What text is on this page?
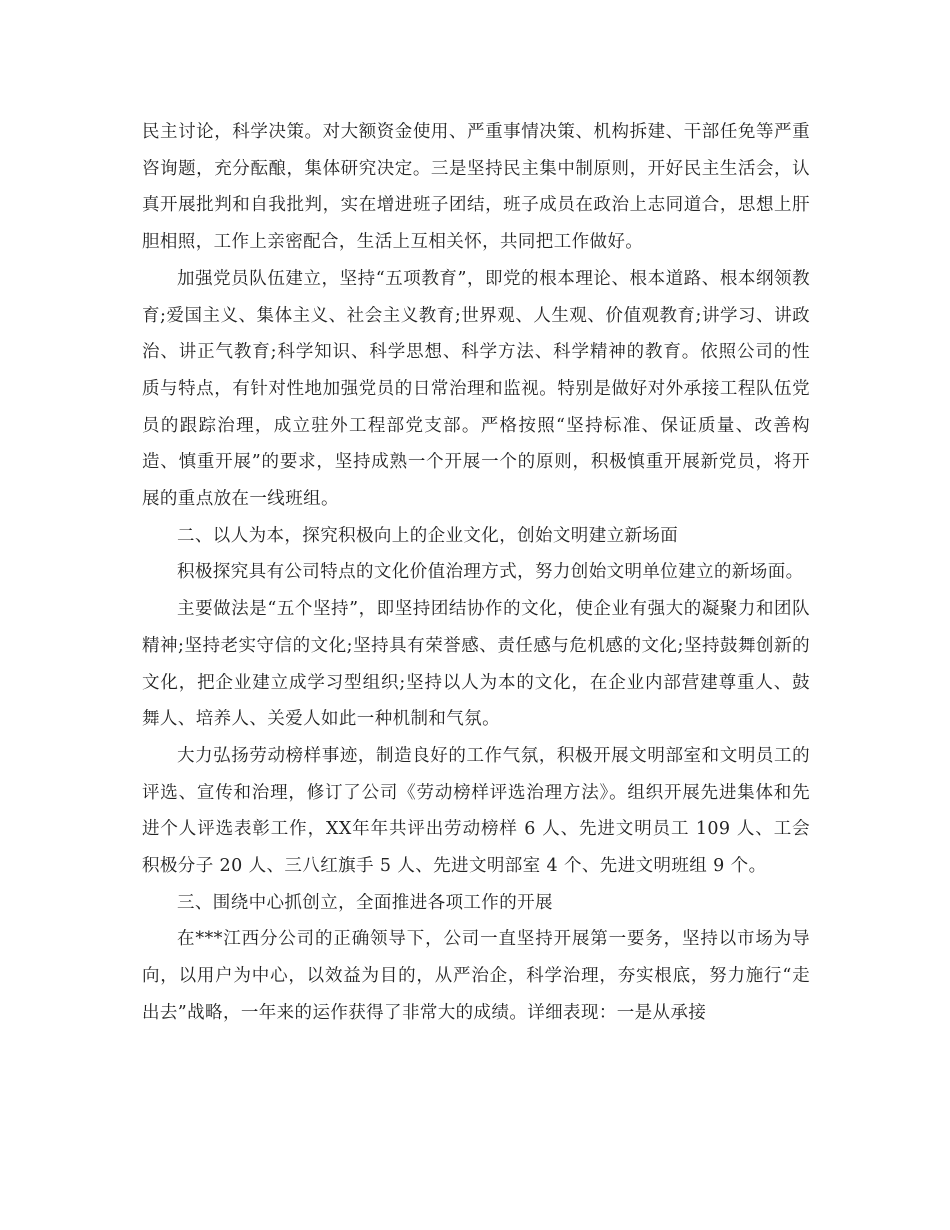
民主讨论，科学决策。对大额资金使用、严重事情决策、机构拆建、干部任免等严重咨询题，充分酝酿，集体研究决定。三是坚持民主集中制原则，开好民主生活会，认真开展批判和自我批判，实在增进班子团结，班子成员在政治上志同道合，思想上肝胆相照，工作上亲密配合，生活上互相关怀，共同把工作做好。

加强党员队伍建立，坚持“五项教育”，即党的根本理论、根本道路、根本纲领教育;爱国主义、集体主义、社会主义教育;世界观、人生观、价值观教育;讲学习、讲政治、讲正气教育;科学知识、科学思想、科学方法、科学精神的教育。依照公司的性质与特点，有针对性地加强党员的日常治理和监视。特别是做好对外承接工程队伍党员的跟踪治理，成立驻外工程部党支部。严格按照“坚持标准、保证质量、改善构造、慎重开展”的要求，坚持成熟一个开展一个的原则，积极慎重开展新党员，将开展的重点放在一线班组。

二、以人为本，探究积极向上的企业文化，创始文明建立新场面

积极探究具有公司特点的文化价值治理方式，努力创始文明单位建立的新场面。

主要做法是“五个坚持”，即坚持团结协作的文化，使企业有强大的凝聚力和团队精神;坚持老实守信的文化;坚持具有荣誉感、责任感与危机感的文化;坚持鼓舞创新的文化，把企业建立成学习型组织;坚持以人为本的文化，在企业内部营建尊重人、鼓舞人、培养人、关爱人如此一种机制和气氛。

大力弘扬劳动榜样事迹，制造良好的工作气氛，积极开展文明部室和文明员工的评选、宣传和治理，修订了公司《劳动榜样评选治理方法》。组织开展先进集体和先进个人评选表彰工作，XX年年共评出劳动榜样 6 人、先进文明员工 109 人、工会积极分子 20 人、三八红旗手 5 人、先进文明部室 4 个、先进文明班组 9 个。

三、围绕中心抓创立，全面推进各项工作的开展

在***江西分公司的正确领导下，公司一直坚持开展第一要务，坚持以市场为导向，以用户为中心，以效益为目的，从严治企，科学治理，夯实根底，努力施行“走出去”战略，一年来的运作获得了非常大的成绩。详细表现：一是从承接
